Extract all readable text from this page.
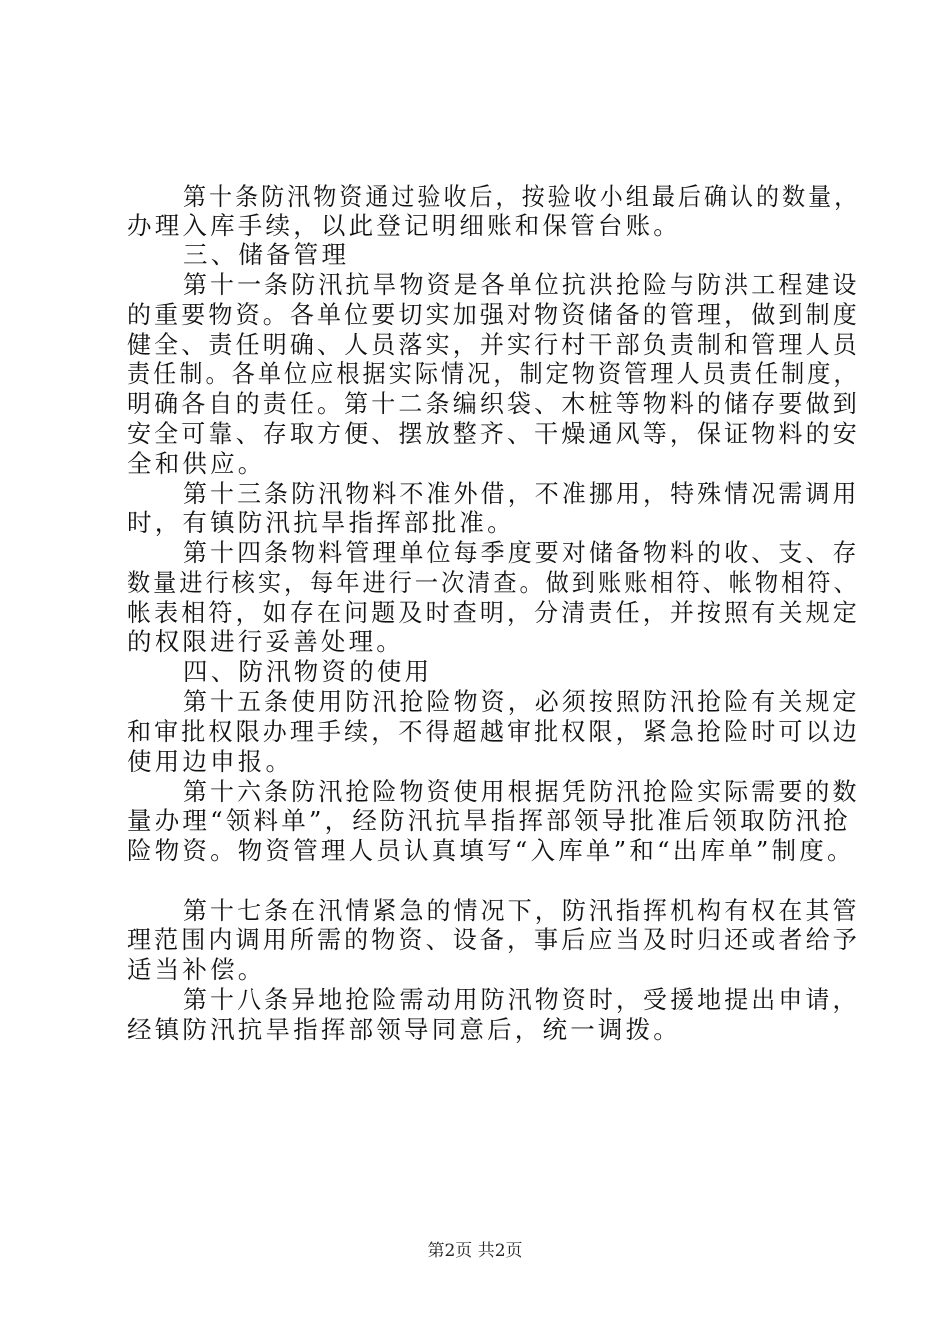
第十条防汛物资通过验收后，按验收小组最后确认的数量，
办理入库手续，以此登记明细账和保管台账。
三、储备管理
第十一条防汛抗旱物资是各单位抗洪抢险与防洪工程建设
的重要物资。各单位要切实加强对物资储备的管理，做到制度
健全、责任明确、人员落实，并实行村干部负责制和管理人员
责任制。各单位应根据实际情况，制定物资管理人员责任制度，
明确各自的责任。第十二条编织袋、木桩等物料的储存要做到
安全可靠、存取方便、摆放整齐、干燥通风等，保证物料的安
全和供应。
第十三条防汛物料不准外借，不准挪用，特殊情况需调用
时，有镇防汛抗旱指挥部批准。
第十四条物料管理单位每季度要对储备物料的收、支、存
数量进行核实，每年进行一次清查。做到账账相符、帐物相符、
帐表相符，如存在问题及时查明，分清责任，并按照有关规定
的权限进行妥善处理。
四、防汛物资的使用
第十五条使用防汛抢险物资，必须按照防汛抢险有关规定
和审批权限办理手续，不得超越审批权限，紧急抢险时可以边
使用边申报。
第十六条防汛抢险物资使用根据凭防汛抢险实际需要的数
量办理“领料单”，经防汛抗旱指挥部领导批准后领取防汛抢
险物资。物资管理人员认真填写“入库单”和“出库单”制度。
第十七条在汛情紧急的情况下，防汛指挥机构有权在其管
理范围内调用所需的物资、设备，事后应当及时归还或者给予
适当补偿。
第十八条异地抢险需动用防汛物资时，受援地提出申请，
经镇防汛抗旱指挥部领导同意后，统一调拨。
第2页 共2页
